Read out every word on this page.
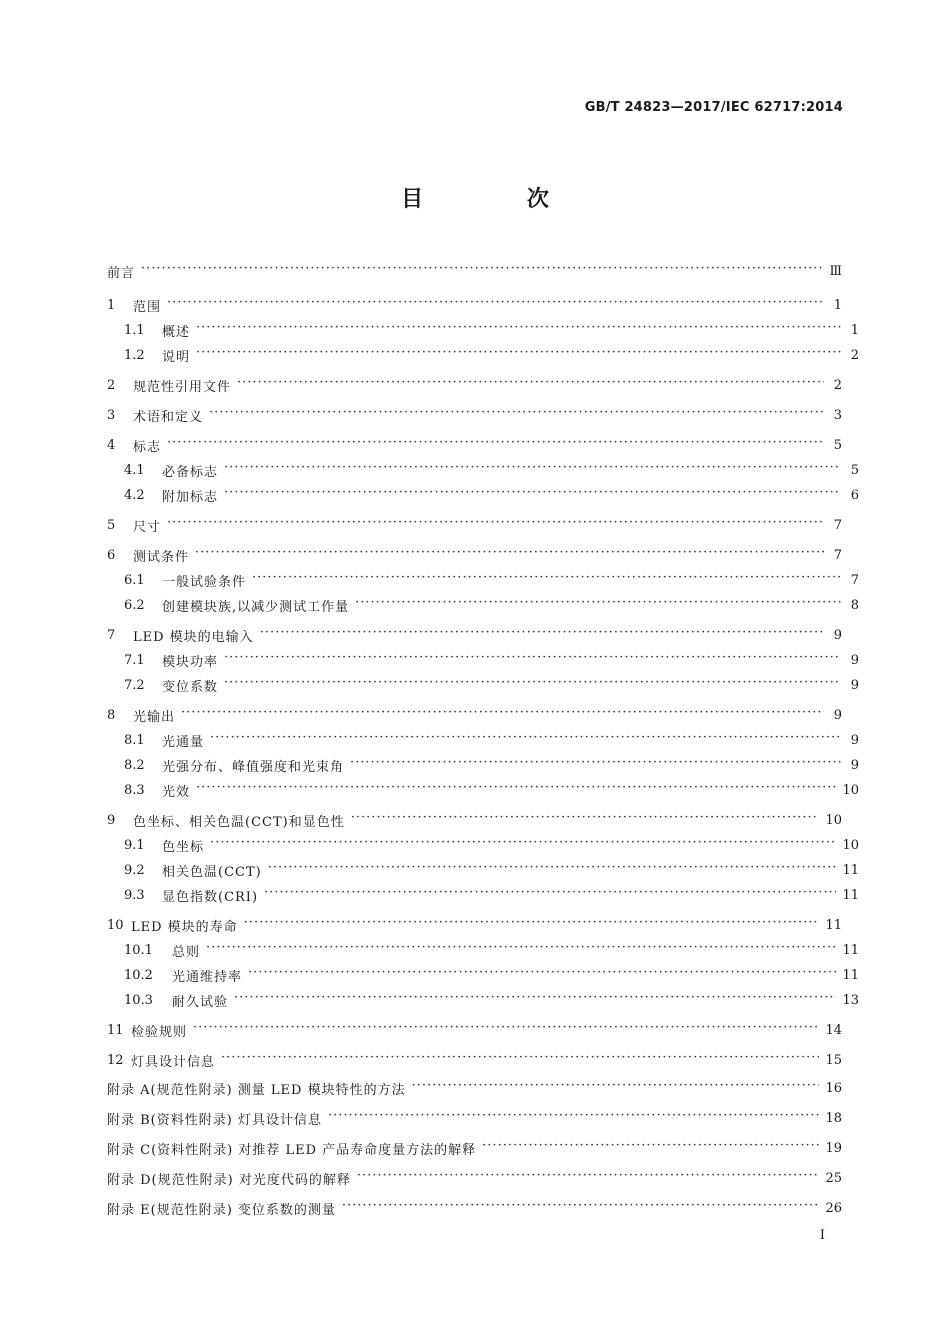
GB/T 24823—2017/IEC 62717:2014
目 次
前言 ·····	Ⅲ
1	范围 ·····	1
1.1	概述 ·····	1
1.2	说明 ·····	2
2	规范性引用文件 ·····	2
3	术语和定义 ·····	3
4	标志 ·····	5
4.1	必备标志 ·····	5
4.2	附加标志 ·····	6
5	尺寸 ·····	7
6	测试条件 ·····	7
6.1	一般试验条件 ·····	7
6.2	创建模块族,以减少测试工作量 ·····	8
7	LED 模块的电输入 ·····	9
7.1	模块功率 ·····	9
7.2	变位系数 ·····	9
8	光输出 ·····	9
8.1	光通量 ·····	9
8.2	光强分布、峰值强度和光束角 ·····	9
8.3	光效 ·····	10
9	色坐标、相关色温(CCT)和显色性 ·····	10
9.1	色坐标 ·····	10
9.2	相关色温(CCT) ·····	11
9.3	显色指数(CRI) ·····	11
10 LED 模块的寿命 ·····	11
10.1	总则 ·····	11
10.2	光通维持率 ·····	11
10.3	耐久试验 ·····	13
11 检验规则 ·····	14
12 灯具设计信息 ·····	15
附录 A(规范性附录) 测量 LED 模块特性的方法 ·····	16
附录 B(资料性附录) 灯具设计信息 ·····	18
附录 C(资料性附录) 对推荐 LED 产品寿命度量方法的解释 ·····	19
附录 D(规范性附录) 对光度代码的解释 ·····	25
附录 E(规范性附录) 变位系数的测量 ·····	26
Ⅰ
